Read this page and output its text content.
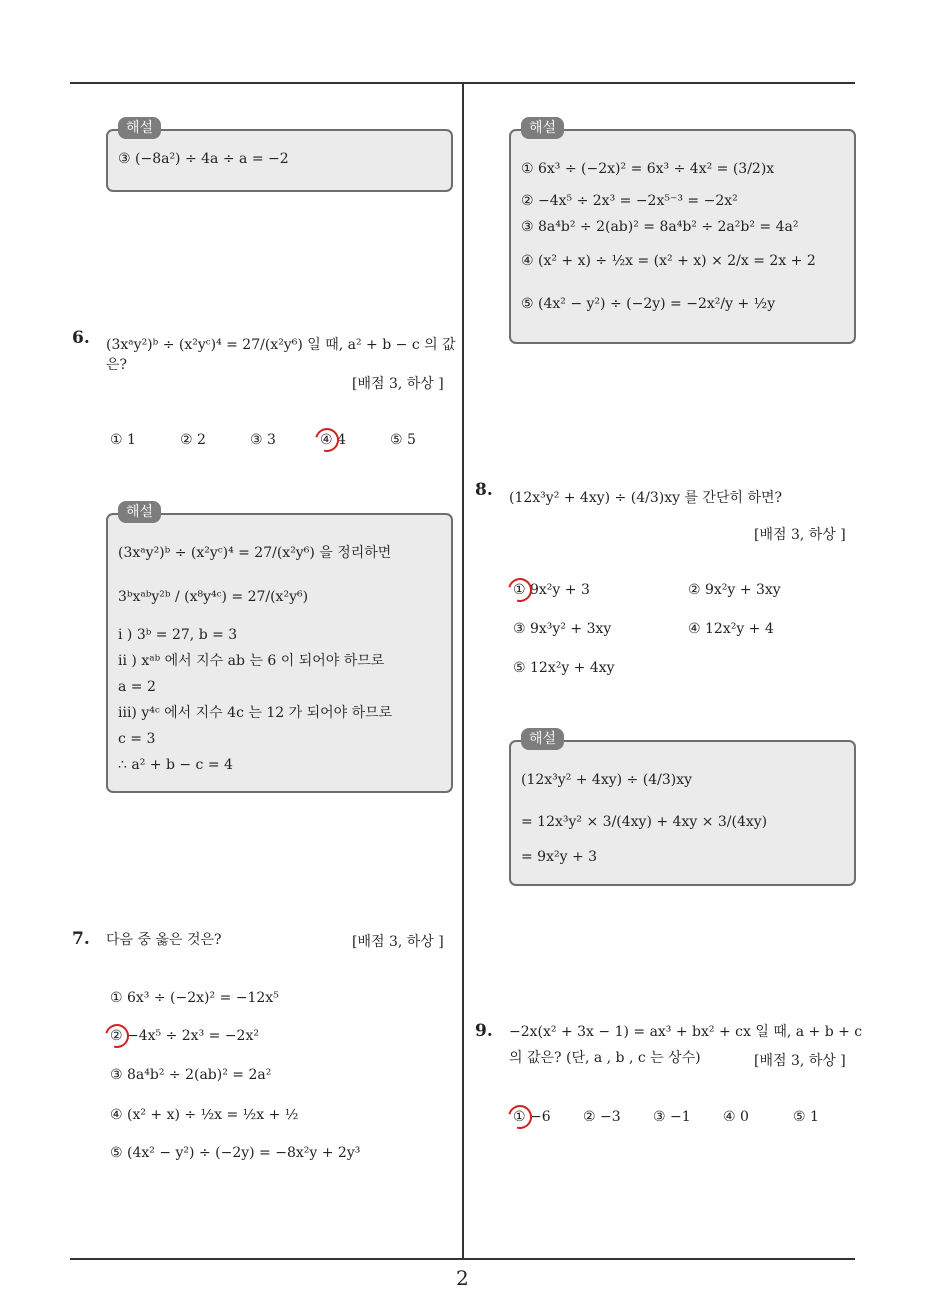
③ (−8a²) ÷ 4a ÷ a = −2
해설
6. (3xᵃy²)ᵇ ÷ (x²yᶜ)⁴ = 27/(x²y⁶) 일 때, a² + b − c 의 값은?
[배점 3, 하상 ]
① 1	② 2	③ 3	④ 4	⑤ 5
(3xᵃy²)ᵇ ÷ (x²yᶜ)⁴ = 27/(x²y⁶) 을 정리하면
3ᵇxᵃᵇy²ᵇ / (x⁸y⁴ᶜ) = 27/(x²y⁶)
i ) 3ᵇ = 27, b = 3
ii ) xᵃᵇ 에서 지수 ab 는 6 이 되어야 하므로
a = 2
iii) y⁴ᶜ 에서 지수 4c 는 12 가 되어야 하므로
c = 3
∴ a² + b − c = 4
해설
7. 다음 중 옳은 것은?	[배점 3, 하상 ]
① 6x³ ÷ (−2x)² = −12x⁵
② −4x⁵ ÷ 2x³ = −2x²
③ 8a⁴b² ÷ 2(ab)² = 2a²
④ (x² + x) ÷ ½x = ½x + ½
⑤ (4x² − y²) ÷ (−2y) = −8x²y + 2y³
① 6x³ ÷ (−2x)² = 6x³ ÷ 4x² = (3/2)x
② −4x⁵ ÷ 2x³ = −2x⁵⁻³ = −2x²
③ 8a⁴b² ÷ 2(ab)² = 8a⁴b² ÷ 2a²b² = 4a²
④ (x² + x) ÷ ½x = (x² + x) × 2/x = 2x + 2
⑤ (4x² − y²) ÷ (−2y) = −2x²/y + ½y
해설
8. (12x³y² + 4xy) ÷ (4/3)xy 를 간단히 하면?
[배점 3, 하상 ]
① 9x²y + 3	② 9x²y + 3xy
③ 9x³y² + 3xy	④ 12x²y + 4
⑤ 12x²y + 4xy
(12x³y² + 4xy) ÷ (4/3)xy
= 12x³y² × 3/(4xy) + 4xy × 3/(4xy)
= 9x²y + 3
해설
9. −2x(x² + 3x − 1) = ax³ + bx² + cx 일 때, a + b + c
의 값은? (단, a , b , c 는 상수)	[배점 3, 하상 ]
① −6 ② −3 ③ −1 ④ 0	⑤ 1
2
